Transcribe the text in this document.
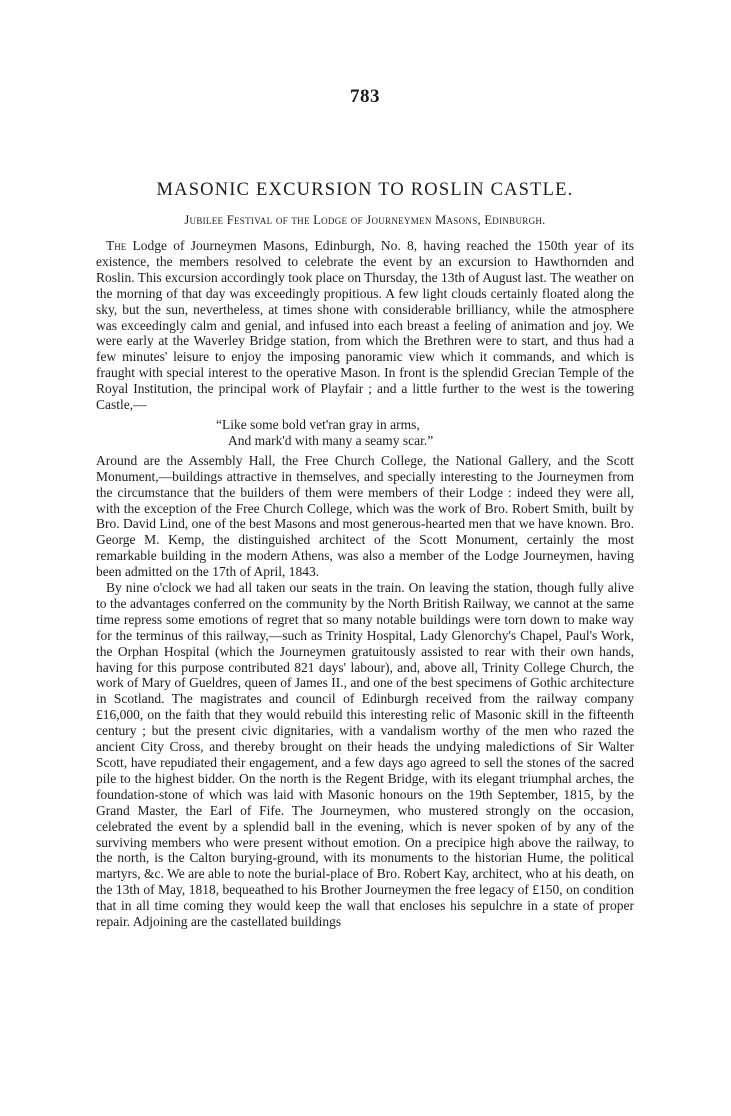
783
MASONIC EXCURSION TO ROSLIN CASTLE.
Jubilee Festival of the Lodge of Journeymen Masons, Edinburgh.

The Lodge of Journeymen Masons, Edinburgh, No. 8, having reached the 150th year of its existence, the members resolved to celebrate the event by an excursion to Hawthornden and Roslin. This excursion accordingly took place on Thursday, the 13th of August last. The weather on the morning of that day was exceedingly propitious. A few light clouds certainly floated along the sky, but the sun, nevertheless, at times shone with considerable brilliancy, while the atmosphere was exceedingly calm and genial, and infused into each breast a feeling of animation and joy. We were early at the Waverley Bridge station, from which the Brethren were to start, and thus had a few minutes' leisure to enjoy the imposing panoramic view which it commands, and which is fraught with special interest to the operative Mason. In front is the splendid Grecian Temple of the Royal Institution, the principal work of Playfair ; and a little further to the west is the towering Castle,—

“Like some bold vet'ran gray in arms,
And mark'd with many a seamy scar.”

Around are the Assembly Hall, the Free Church College, the National Gallery, and the Scott Monument,—buildings attractive in themselves, and specially interesting to the Journeymen from the circumstance that the builders of them were members of their Lodge : indeed they were all, with the exception of the Free Church College, which was the work of Bro. Robert Smith, built by Bro. David Lind, one of the best Masons and most generous-hearted men that we have known. Bro. George M. Kemp, the distinguished architect of the Scott Monument, certainly the most remarkable building in the modern Athens, was also a member of the Lodge Journeymen, having been admitted on the 17th of April, 1843.

By nine o'clock we had all taken our seats in the train. On leaving the station, though fully alive to the advantages conferred on the community by the North British Railway, we cannot at the same time repress some emotions of regret that so many notable buildings were torn down to make way for the terminus of this railway,—such as Trinity Hospital, Lady Glenorchy's Chapel, Paul's Work, the Orphan Hospital (which the Journeymen gratuitously assisted to rear with their own hands, having for this purpose contributed 821 days' labour), and, above all, Trinity College Church, the work of Mary of Gueldres, queen of James II., and one of the best specimens of Gothic architecture in Scotland. The magistrates and council of Edinburgh received from the railway company £16,000, on the faith that they would rebuild this interesting relic of Masonic skill in the fifteenth century ; but the present civic dignitaries, with a vandalism worthy of the men who razed the ancient City Cross, and thereby brought on their heads the undying maledictions of Sir Walter Scott, have repudiated their engagement, and a few days ago agreed to sell the stones of the sacred pile to the highest bidder. On the north is the Regent Bridge, with its elegant triumphal arches, the foundation-stone of which was laid with Masonic honours on the 19th September, 1815, by the Grand Master, the Earl of Fife. The Journeymen, who mustered strongly on the occasion, celebrated the event by a splendid ball in the evening, which is never spoken of by any of the surviving members who were present without emotion. On a precipice high above the railway, to the north, is the Calton burying-ground, with its monuments to the historian Hume, the political martyrs, &c. We are able to note the burial-place of Bro. Robert Kay, architect, who at his death, on the 13th of May, 1818, bequeathed to his Brother Journeymen the free legacy of £150, on condition that in all time coming they would keep the wall that encloses his sepulchre in a state of proper repair. Adjoining are the castellated buildings
